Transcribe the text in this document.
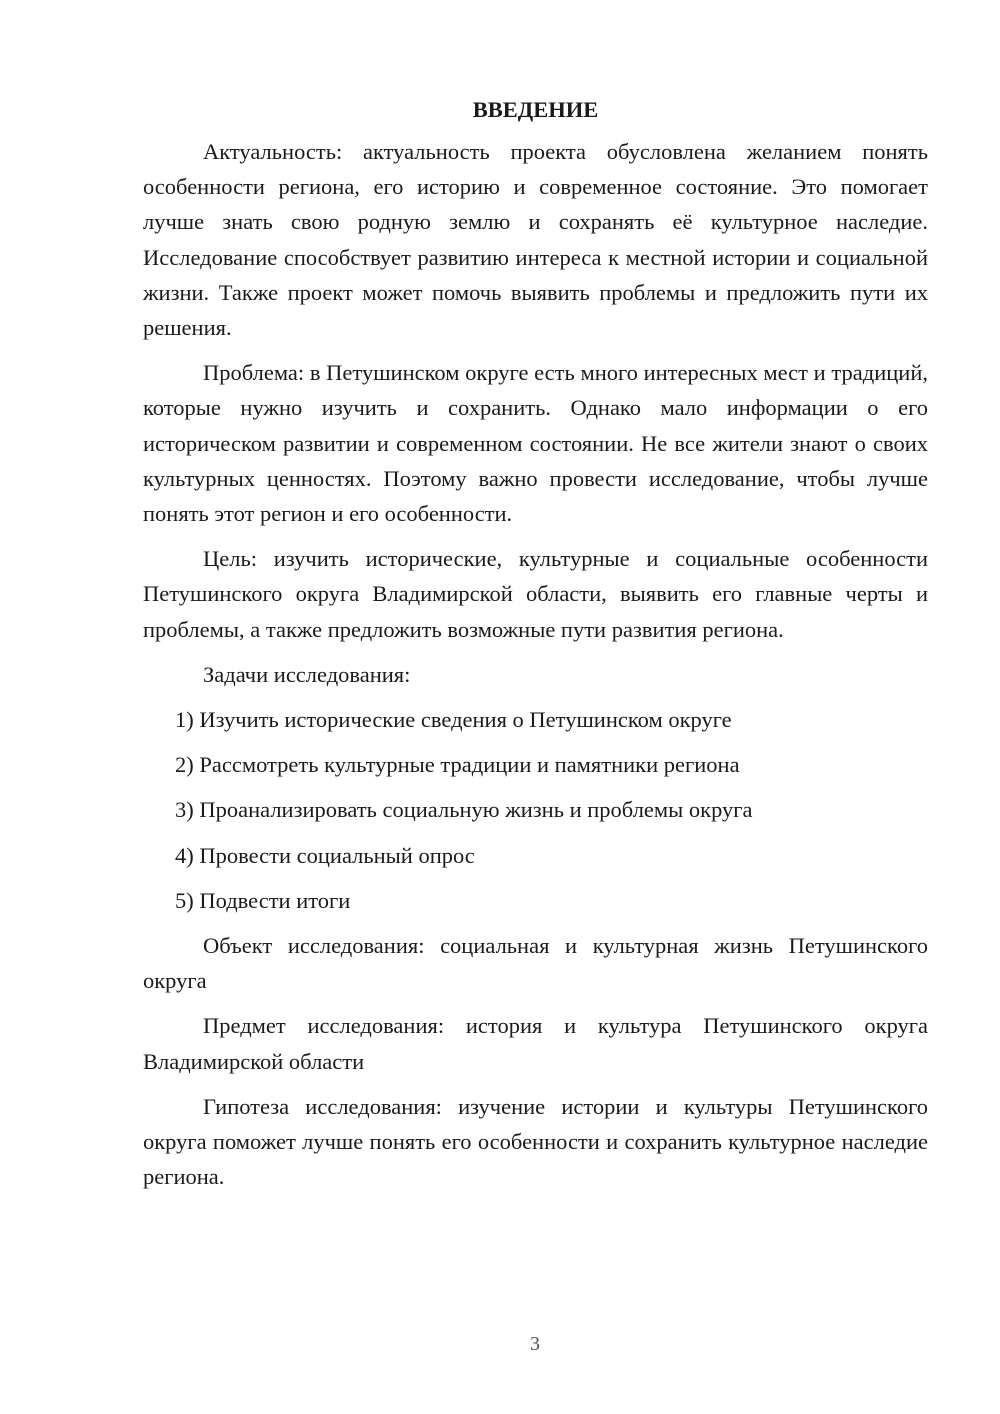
ВВЕДЕНИЕ

Актуальность: актуальность проекта обусловлена желанием понять особенности региона, его историю и современное состояние. Это помогает лучше знать свою родную землю и сохранять её культурное наследие. Исследование способствует развитию интереса к местной истории и социальной жизни. Также проект может помочь выявить проблемы и предложить пути их решения.

Проблема: в Петушинском округе есть много интересных мест и традиций, которые нужно изучить и сохранить. Однако мало информации о его историческом развитии и современном состоянии. Не все жители знают о своих культурных ценностях. Поэтому важно провести исследование, чтобы лучше понять этот регион и его особенности.

Цель: изучить исторические, культурные и социальные особенности Петушинского округа Владимирской области, выявить его главные черты и проблемы, а также предложить возможные пути развития региона.

Задачи исследования:
1) Изучить исторические сведения о Петушинском округе
2) Рассмотреть культурные традиции и памятники региона
3) Проанализировать социальную жизнь и проблемы округа
4) Провести социальный опрос
5) Подвести итоги

Объект исследования: социальная и культурная жизнь Петушинского округа

Предмет исследования: история и культура Петушинского округа Владимирской области

Гипотеза исследования: изучение истории и культуры Петушинского округа поможет лучше понять его особенности и сохранить культурное наследие региона.

3
